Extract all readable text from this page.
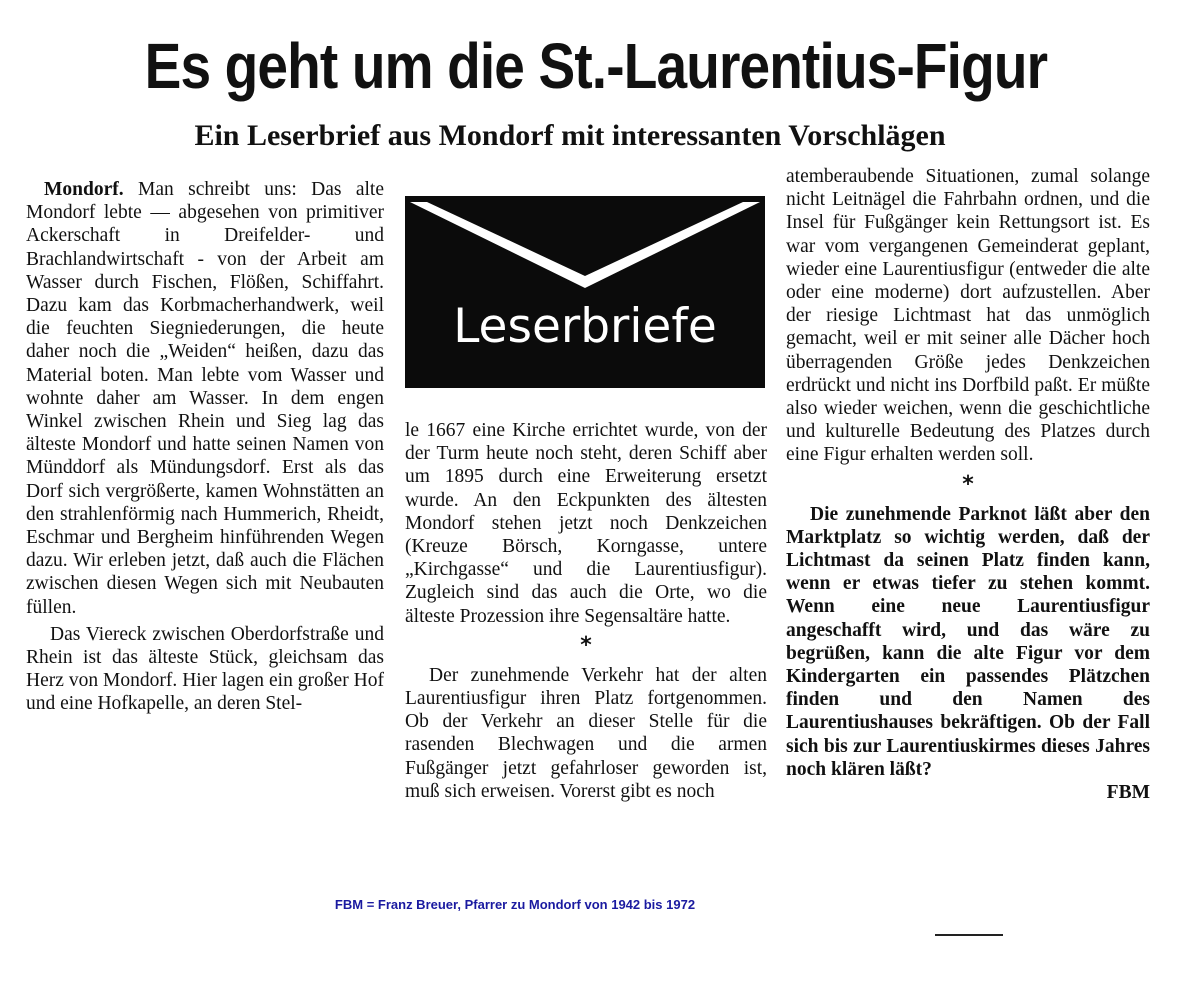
Es geht um die St.-Laurentius-Figur
Ein Leserbrief aus Mondorf mit interessanten Vorschlägen

Mondorf. Man schreibt uns: Das alte Mondorf lebte — abgesehen von primitiver Ackerschaft in Dreifelder- und Brachlandwirtschaft - von der Arbeit am Wasser durch Fischen, Flößen, Schiffahrt. Dazu kam das Korbmacherhandwerk, weil die feuchten Siegniederungen, die heute daher noch die „Weiden“ heißen, dazu das Material boten. Man lebte vom Wasser und wohnte daher am Wasser. In dem engen Winkel zwischen Rhein und Sieg lag das älteste Mondorf und hatte seinen Namen von Münddorf als Mündungsdorf. Erst als das Dorf sich vergrößerte, kamen Wohnstätten an den strahlenförmig nach Hummerich, Rheidt, Eschmar und Bergheim hinführenden Wegen dazu. Wir erleben jetzt, daß auch die Flächen zwischen diesen Wegen sich mit Neubauten füllen.

Das Viereck zwischen Oberdorfstraße und Rhein ist das älteste Stück, gleichsam das Herz von Mondorf. Hier lagen ein großer Hof und eine Hofkapelle, an deren Stel-

Leserbriefe

le 1667 eine Kirche errichtet wurde, von der der Turm heute noch steht, deren Schiff aber um 1895 durch eine Erweiterung ersetzt wurde. An den Eckpunkten des ältesten Mondorf stehen jetzt noch Denkzeichen (Kreuze Börsch, Korngasse, untere „Kirchgasse“ und die Laurentiusfigur). Zugleich sind das auch die Orte, wo die älteste Prozession ihre Segensaltäre hatte.

*

Der zunehmende Verkehr hat der alten Laurentiusfigur ihren Platz fortgenommen. Ob der Verkehr an dieser Stelle für die rasenden Blechwagen und die armen Fußgänger jetzt gefahrloser geworden ist, muß sich erweisen. Vorerst gibt es noch

atemberaubende Situationen, zumal solange nicht Leitnägel die Fahrbahn ordnen, und die Insel für Fußgänger kein Rettungsort ist. Es war vom vergangenen Gemeinderat geplant, wieder eine Laurentiusfigur (entweder die alte oder eine moderne) dort aufzustellen. Aber der riesige Lichtmast hat das unmöglich gemacht, weil er mit seiner alle Dächer hoch überragenden Größe jedes Denkzeichen erdrückt und nicht ins Dorfbild paßt. Er müßte also wieder weichen, wenn die geschichtliche und kulturelle Bedeutung des Platzes durch eine Figur erhalten werden soll.

*

Die zunehmende Parknot läßt aber den Marktplatz so wichtig werden, daß der Lichtmast da seinen Platz finden kann, wenn er etwas tiefer zu stehen kommt. Wenn eine neue Laurentiusfigur angeschafft wird, und das wäre zu begrüßen, kann die alte Figur vor dem Kindergarten ein passendes Plätzchen finden und den Namen des Laurentiushauses bekräftigen. Ob der Fall sich bis zur Laurentiuskirmes dieses Jahres noch klären läßt?

FBM
FBM = Franz Breuer, Pfarrer zu Mondorf von 1942 bis 1972
